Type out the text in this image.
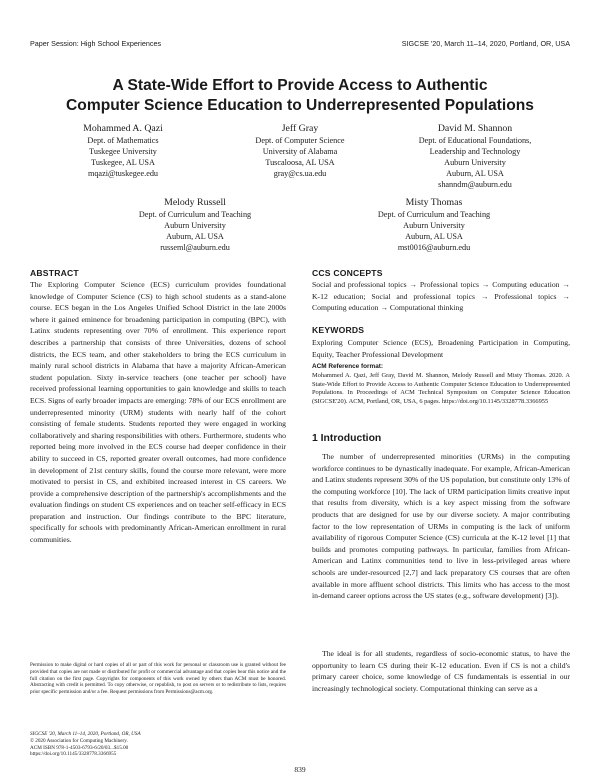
Paper Session: High School Experiences	SIGCSE '20, March 11–14, 2020, Portland, OR, USA
A State-Wide Effort to Provide Access to Authentic
Computer Science Education to Underrepresented Populations
Mohammed A. Qazi
Dept. of Mathematics
Tuskegee University
Tuskegee, AL USA
mqazi@tuskegee.edu
Jeff Gray
Dept. of Computer Science
University of Alabama
Tuscaloosa, AL USA
gray@cs.ua.edu
David M. Shannon
Dept. of Educational Foundations,
Leadership and Technology
Auburn University
Auburn, AL USA
shanndm@auburn.edu
Melody Russell
Dept. of Curriculum and Teaching
Auburn University
Auburn, AL USA
russeml@auburn.edu
Misty Thomas
Dept. of Curriculum and Teaching
Auburn University
Auburn, AL USA
mst0016@auburn.edu
ABSTRACT
The Exploring Computer Science (ECS) curriculum provides foundational knowledge of Computer Science (CS) to high school students as a stand-alone course. ECS began in the Los Angeles Unified School District in the late 2000s where it gained eminence for broadening participation in computing (BPC), with Latinx students representing over 70% of enrollment. This experience report describes a partnership that consists of three Universities, dozens of school districts, the ECS team, and other stakeholders to bring the ECS curriculum in mainly rural school districts in Alabama that have a majority African-American student population. Sixty in-service teachers (one teacher per school) have received professional learning opportunities to gain knowledge and skills to teach ECS. Signs of early broader impacts are emerging: 78% of our ECS enrollment are underrepresented minority (URM) students with nearly half of the cohort consisting of female students. Students reported they were engaged in working collaboratively and sharing responsibilities with others. Furthermore, students who reported being more involved in the ECS course had deeper confidence in their ability to succeed in CS, reported greater overall outcomes, had more confidence in development of 21st century skills, found the course more relevant, were more motivated to persist in CS, and exhibited increased interest in CS careers. We provide a comprehensive description of the partnership's accomplishments and the evaluation findings on student CS experiences and on teacher self-efficacy in ECS preparation and instruction. Our findings contribute to the BPC literature, specifically for schools with predominantly African-American enrollment in rural communities.
Permission to make digital or hard copies of all or part of this work for personal or classroom use is granted without fee provided that copies are not made or distributed for profit or commercial advantage and that copies bear this notice and the full citation on the first page. Copyrights for components of this work owned by others than ACM must be honored. Abstracting with credit is permitted. To copy otherwise, or republish, to post on servers or to redistribute to lists, requires prior specific permission and/or a fee. Request permissions from Permissions@acm.org.
SIGCSE '20, March 11–14, 2020, Portland, OR, USA
© 2020 Association for Computing Machinery.
ACM ISBN 978-1-4503-6793-6/20/03...$15.00
https://doi.org/10.1145/3328778.3366955
CCS CONCEPTS
Social and professional topics → Professional topics → Computing education → K-12 education; Social and professional topics → Professional topics → Computing education → Computational thinking
KEYWORDS
Exploring Computer Science (ECS), Broadening Participation in Computing, Equity, Teacher Professional Development
ACM Reference format:
Mohammed A. Qazi, Jeff Gray, David M. Shannon, Melody Russell and Misty Thomas. 2020. A State-Wide Effort to Provide Access to Authentic Computer Science Education to Underrepresented Populations. In Proceedings of ACM Technical Symposium on Computer Science Education (SIGCSE'20). ACM, Portland, OR, USA, 6 pages. https://doi.org/10.1145/3328778.3366955
1 Introduction
The number of underrepresented minorities (URMs) in the computing workforce continues to be dynastically inadequate. For example, African-American and Latinx students represent 30% of the US population, but constitute only 13% of the computing workforce [10]. The lack of URM participation limits creative input that results from diversity, which is a key aspect missing from the software products that are designed for use by our diverse society. A major contributing factor to the low representation of URMs in computing is the lack of uniform availability of rigorous Computer Science (CS) curricula at the K-12 level [1] that builds and promotes computing pathways. In particular, families from African-American and Latinx communities tend to live in less-privileged areas where schools are under-resourced [2,7] and lack preparatory CS courses that are often available in more affluent school districts. This limits who has access to the most in-demand career options across the US states (e.g., software development) [3]).
The ideal is for all students, regardless of socio-economic status, to have the opportunity to learn CS during their K-12 education. Even if CS is not a child's primary career choice, some knowledge of CS fundamentals is essential in our increasingly technological society. Computational thinking can serve as a
839
